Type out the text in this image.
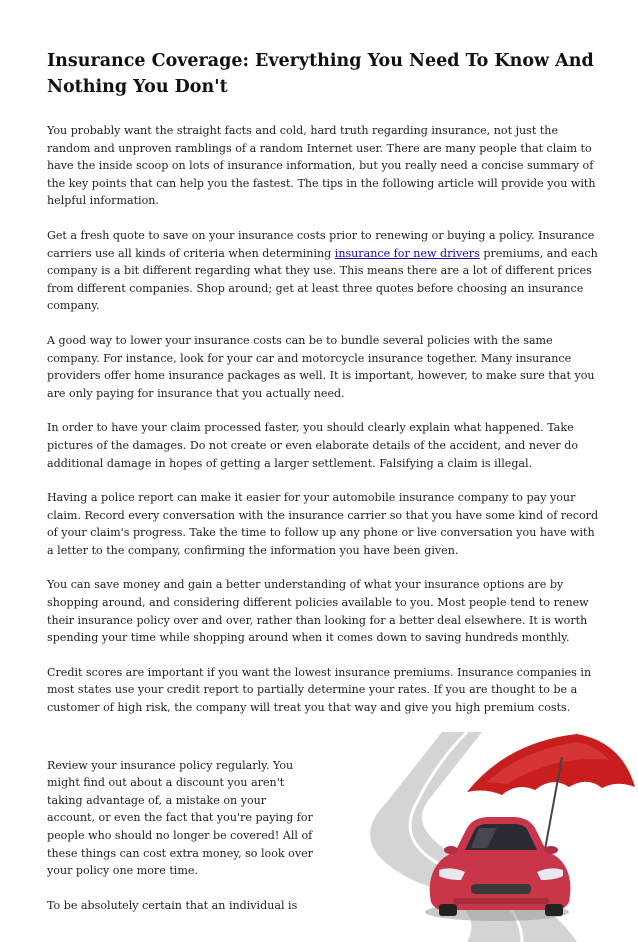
Insurance Coverage: Everything You Need To Know And Nothing You Don't

You probably want the straight facts and cold, hard truth regarding insurance, not just the random and unproven ramblings of a random Internet user. There are many people that claim to have the inside scoop on lots of insurance information, but you really need a concise summary of the key points that can help you the fastest. The tips in the following article will provide you with helpful information.

Get a fresh quote to save on your insurance costs prior to renewing or buying a policy. Insurance carriers use all kinds of criteria when determining insurance for new drivers premiums, and each company is a bit different regarding what they use. This means there are a lot of different prices from different companies. Shop around; get at least three quotes before choosing an insurance company.

A good way to lower your insurance costs can be to bundle several policies with the same company. For instance, look for your car and motorcycle insurance together. Many insurance providers offer home insurance packages as well. It is important, however, to make sure that you are only paying for insurance that you actually need.

In order to have your claim processed faster, you should clearly explain what happened. Take pictures of the damages. Do not create or even elaborate details of the accident, and never do additional damage in hopes of getting a larger settlement. Falsifying a claim is illegal.

Having a police report can make it easier for your automobile insurance company to pay your claim. Record every conversation with the insurance carrier so that you have some kind of record of your claim's progress. Take the time to follow up any phone or live conversation you have with a letter to the company, confirming the information you have been given.

You can save money and gain a better understanding of what your insurance options are by shopping around, and considering different policies available to you. Most people tend to renew their insurance policy over and over, rather than looking for a better deal elsewhere. It is worth spending your time while shopping around when it comes down to saving hundreds monthly.

Credit scores are important if you want the lowest insurance premiums. Insurance companies in most states use your credit report to partially determine your rates. If you are thought to be a customer of high risk, the company will treat you that way and give you high premium costs.

Review your insurance policy regularly. You might find out about a discount you aren't taking advantage of, a mistake on your account, or even the fact that you're paying for people who should no longer be covered! All of these things can cost extra money, so look over your policy one more time.

To be absolutely certain that an individual is
